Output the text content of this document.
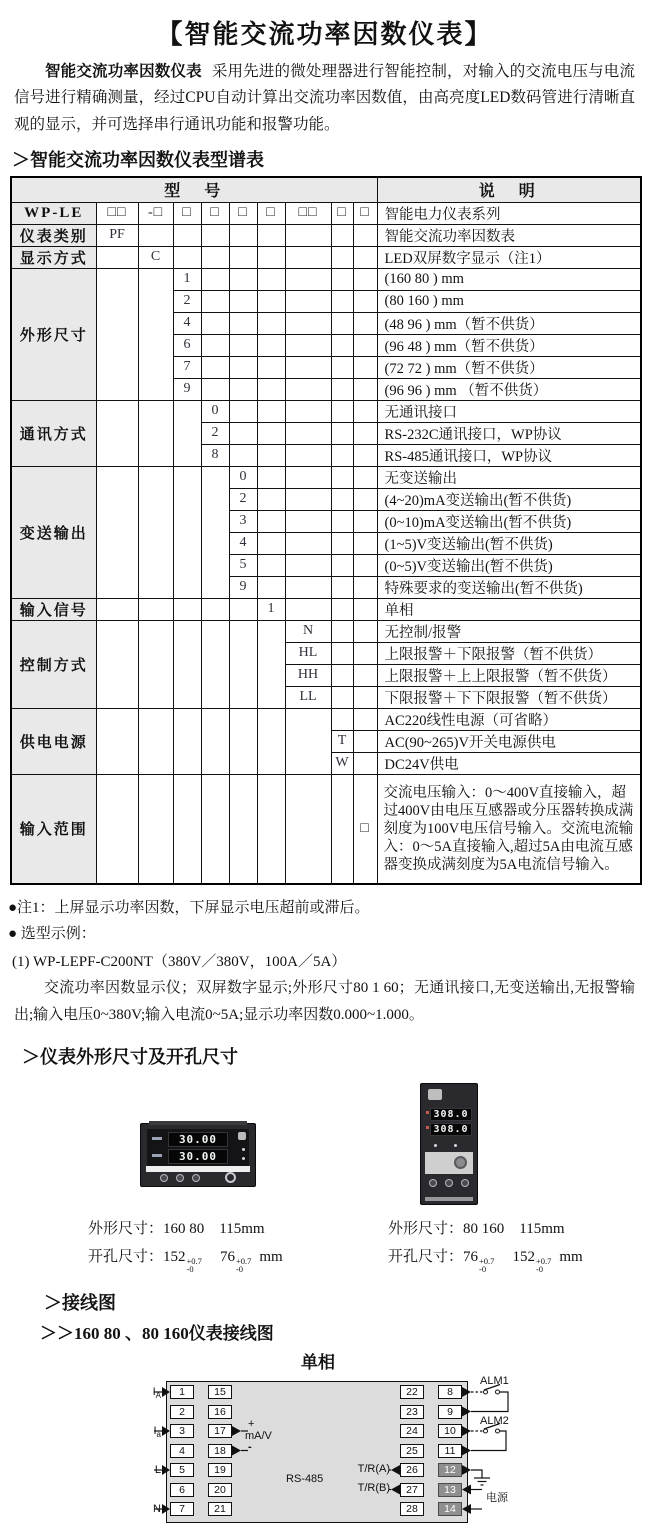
【智能交流功率因数仪表】

智能交流功率因数仪表 采用先进的微处理器进行智能控制，对输入的交流电压与电流信号进行精确测量，经过CPU自动计算出交流功率因数值，由高亮度LED数码管进行清晰直观的显示，并可选择串行通讯功能和报警功能。

＞智能交流功率因数仪表型谱表
型　号										说　明
WP-LE	□□	-□	□	□	□	□	□□	□	□	智能电力仪表系列
仪表类别	PF									智能交流功率因数表
显示方式		C								LED双屏数字显示（注1）
外形尺寸			1							(160 80 ) mm
			2							(80 160 ) mm
			4							(48 96 ) mm（暂不供货）
			6							(96 48 ) mm（暂不供货）
			7							(72 72 ) mm（暂不供货）
			9							(96 96 ) mm （暂不供货）
通讯方式				0						无通讯接口
				2						RS-232C通讯接口，WP协议
				8						RS-485通讯接口，WP协议
变送输出					0					无变送输出
					2					(4~20)mA变送输出(暂不供货)
					3					(0~10)mA变送输出(暂不供货)
					4					(1~5)V变送输出(暂不供货)
					5					(0~5)V变送输出(暂不供货)
					9					特殊要求的变送输出(暂不供货)
输入信号						1				单相
控制方式							N			无控制/报警
							HL			上限报警＋下限报警（暂不供货）
							HH			上限报警＋上上限报警（暂不供货）
							LL			下限报警＋下下限报警（暂不供货）
供电电源										AC220线性电源（可省略）
								T		AC(90~265)V开关电源供电
								W		DC24V供电
输入范围									□	交流电压输入：0～400V直接输入，超过400V由电压互感器或分压器转换成满刻度为100V电压信号输入。交流电流输入：0～5A直接输入,超过5A由电流互感器变换成满刻度为5A电流信号输入。
●注1：上屏显示功率因数，下屏显示电压超前或滞后。
● 选型示例：
(1) WP-LEPF-C200NT（380V／380V，100A／5A）

交流功率因数显示仪；双屏数字显示;外形尺寸80 1 60；无通讯接口,无变送输出,无报警输出;输入电压0~380V;输入电流0~5A;显示功率因数0.000~1.000。

＞仪表外形尺寸及开孔尺寸
30.00
30.00
308.0
308.0
外形尺寸：160 80　115mm
开孔尺寸：152 +0.7
-0
76 +0.7
-0
mm
外形尺寸：80 160　115mm
开孔尺寸：76 +0.7
-0
152 +0.7
-0
mm
＞接线图
＞＞160 80 、80 160仪表接线图
单相
$I_A$
$I_a$
L
N
1
2
3
4
5
6
7
15
16
17
18
19
20
21
22
23
24
25
26
27
28
8
9
10
11
12
13
14
+
mA/V
-
RS-485
T/R(A)
T/R(B)
ALM1
ALM2
电源
